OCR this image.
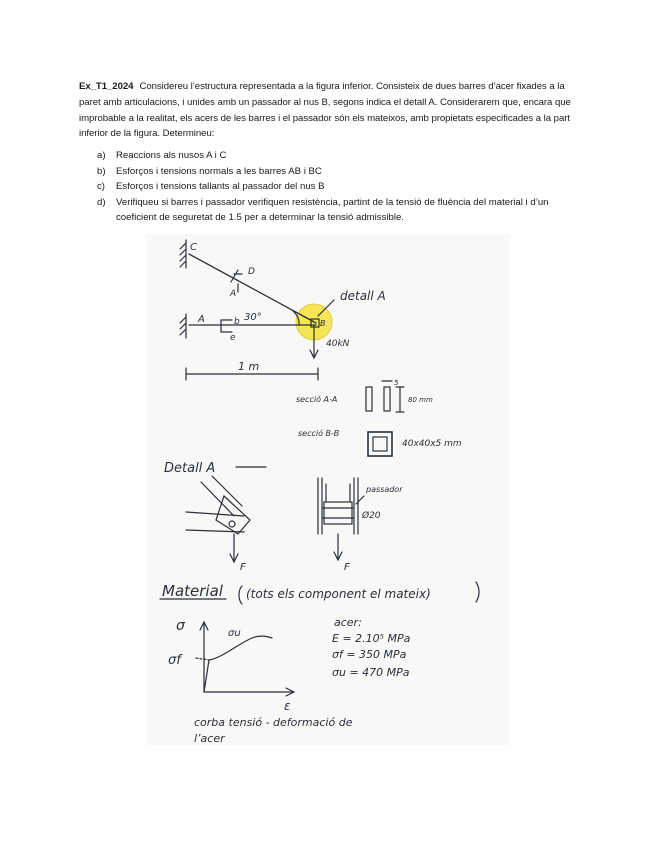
Ex_T1_2024 Considereu l’estructura representada a la figura inferior. Consisteix de dues barres d’acer fixades a la paret amb articulacions, i unides amb un passador al nus B, segons indica el detall A. Considerarem que, encara que improbable a la realitat, els acers de les barres i el passador són els mateixos, amb propietats especificades a la part inferior de la figura. Determineu:
a)	Reaccions als nusos A i C
b)	Esforços i tensions normals a les barres AB i BC
c)	Esforços i tensions tallants al passador del nus B
d)	Verifiqueu si barres i passador verifiquen resistència, partint de la tensió de fluència del material i d’un coeficient de seguretat de 1.5 per a determinar la tensió admissible.
C
D
A
A	b
e
30°
B
detall A
40kN
1 m
secció A-A
5
80 mm
secció B-B
40x40x5 mm
Detall A
F	F
passador
Ø20
Material (tots els component el mateix)
σ	σu
σf
ε
corba tensió - deformació de
l’acer
acer:
E = 2.10⁵ MPa
σf = 350 MPa
σu = 470 MPa
